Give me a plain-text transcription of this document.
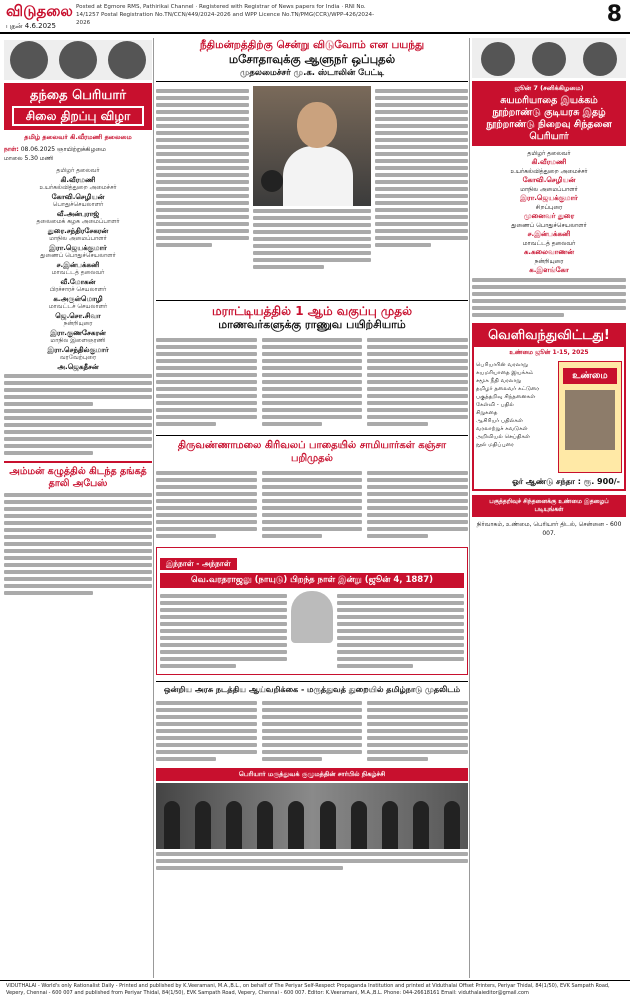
விடுதலை
புதன் 4.6.2025
Posted at Egmore RMS, Pathirikai Channel · Registered with Registrar of News papers for India · RNI No. 14/1257 Postal Registration No.TN/CCN/449/2024-2026 and WPP Licence No.TN/PMG(CCR)/WPP-426/2024-2026	8
தந்தை பெரியார்
சிலை திறப்பு விழா
தமிழ் தலைவர் கி.வீரமணி தலைமை
நாள்: 08.06.2025 ஞாயிற்றுக்கிழமை
மாலை 5.30 மணி
தமிழர் தலைவர்
கி.வீரமணி
உயர்கல்வித்துறை அமைச்சர்
கோவி.செழியன்
பொதுச்செயலாளர்
வீ.அன்புராஜ்
தலைமைக் கழக அமைப்பாளர்
துரை.சந்திரசேகரன்
மாநில அமைப்பாளர்
இரா.ஜெயக்குமார்
துணைப் பொதுச்செயலாளர்
ச.இன்பக்கனி
மாவட்டத் தலைவர்
வீ.மோகன்
பிரச்சாரச் செயலாளர்
க.அருள்மொழி
மாவட்டச் செயலாளர்
ஜெ.சொ.சிவா
நன்றியுரை
இரா.குணசேகரன்
மாநில இளைஞரணி
இரா.செந்தில்குமார்
வரவேற்புரை
அ.ஜெகதீசன்
அம்மன் கழுத்தில் கிடந்த தங்கத் தாலி அபேஸ்
நீதிமன்றத்திற்கு சென்று விடுவோம் என பயந்து
மசோதாவுக்கு ஆளுநர் ஒப்புதல்
முதலமைச்சர் மு.க. ஸ்டாலின் பேட்டி
மராட்டியத்தில் 1 ஆம் வகுப்பு முதல்
மாணவர்களுக்கு ராணுவ பயிற்சியாம்
திருவண்ணாமலை கிரிவலப் பாதையில் சாமியார்கள் கஞ்சா பறிமுதல்
இந்நாள் - அந்நாள்
வெ.வரதராஜலு (நாயுடு) பிறந்த நாள் இன்று (ஜூன் 4, 1887)
ஒன்றிய அரசு நடத்திய ஆய்வறிக்கை - மருத்துவத் துறையில் தமிழ்நாடு முதலிடம்
பெரியார் மருத்துவக் குழுமத்தின் சார்பில் நிகழ்ச்சி
ஜூன் 7 (சனிக்கிழமை)
சுயமரியாதை இயக்கம் நூற்றாண்டு குடியரசு இதழ் நூற்றாண்டு நிறைவு சிந்தனை பெரியார்
தமிழர் தலைவர்
கி.வீரமணி
உயர்கல்வித்துறை அமைச்சர்
கோவி.செழியன்
மாநில அமைப்பாளர்
இரா.ஜெயக்குமார்
சிறப்புரை
முனைவர் துரை
துணைப் பொதுச்செயலாளர்
ச.இன்பக்கனி
மாவட்டத் தலைவர்
க.கலைவாணன்
நன்றியுரை
க.இளங்கோ
வெளிவந்துவிட்டது!
உண்மை ஜூன் 1-15, 2025
பெரியாரின் வரலாறு
சுயமரியாதை இயக்கம்
சமூக நீதி வரலாறு
தமிழர் தலைவர் கட்டுரை
பகுத்தறிவு சிந்தனைகள்
கேள்வி - பதில்
சிறுகதை
ஆசிரியர் பதில்கள்
வரலாற்றுச் சுவடுகள்
அறிவியல் செய்திகள்
நூல் மதிப்புரை
உண்மை
ஓர் ஆண்டு சந்தா : ரூ. 900/-
பகுத்தறிவுச் சிந்தனைக்கு உண்மை இதழைப் படியுங்கள்
நிர்வாகம், உண்மை, பெரியார் திடல், சென்னை - 600 007.
VIDUTHALAI - World's only Rationalist Daily - Printed and published by K.Veeramani, M.A.,B.L., on behalf of The Periyar Self-Respect Propaganda Institution and printed at Viduthalai Offset Printers, Periyar Thidal, 84(1/50), EVK Sampath Road, Vepery, Chennai - 600 007 and published from Periyar Thidal, 84(1/50), EVK Sampath Road, Vepery, Chennai - 600 007. Editor: K.Veeramani, M.A.,B.L. Phone: 044-26618161 Email: viduthalaieditor@gmail.com
